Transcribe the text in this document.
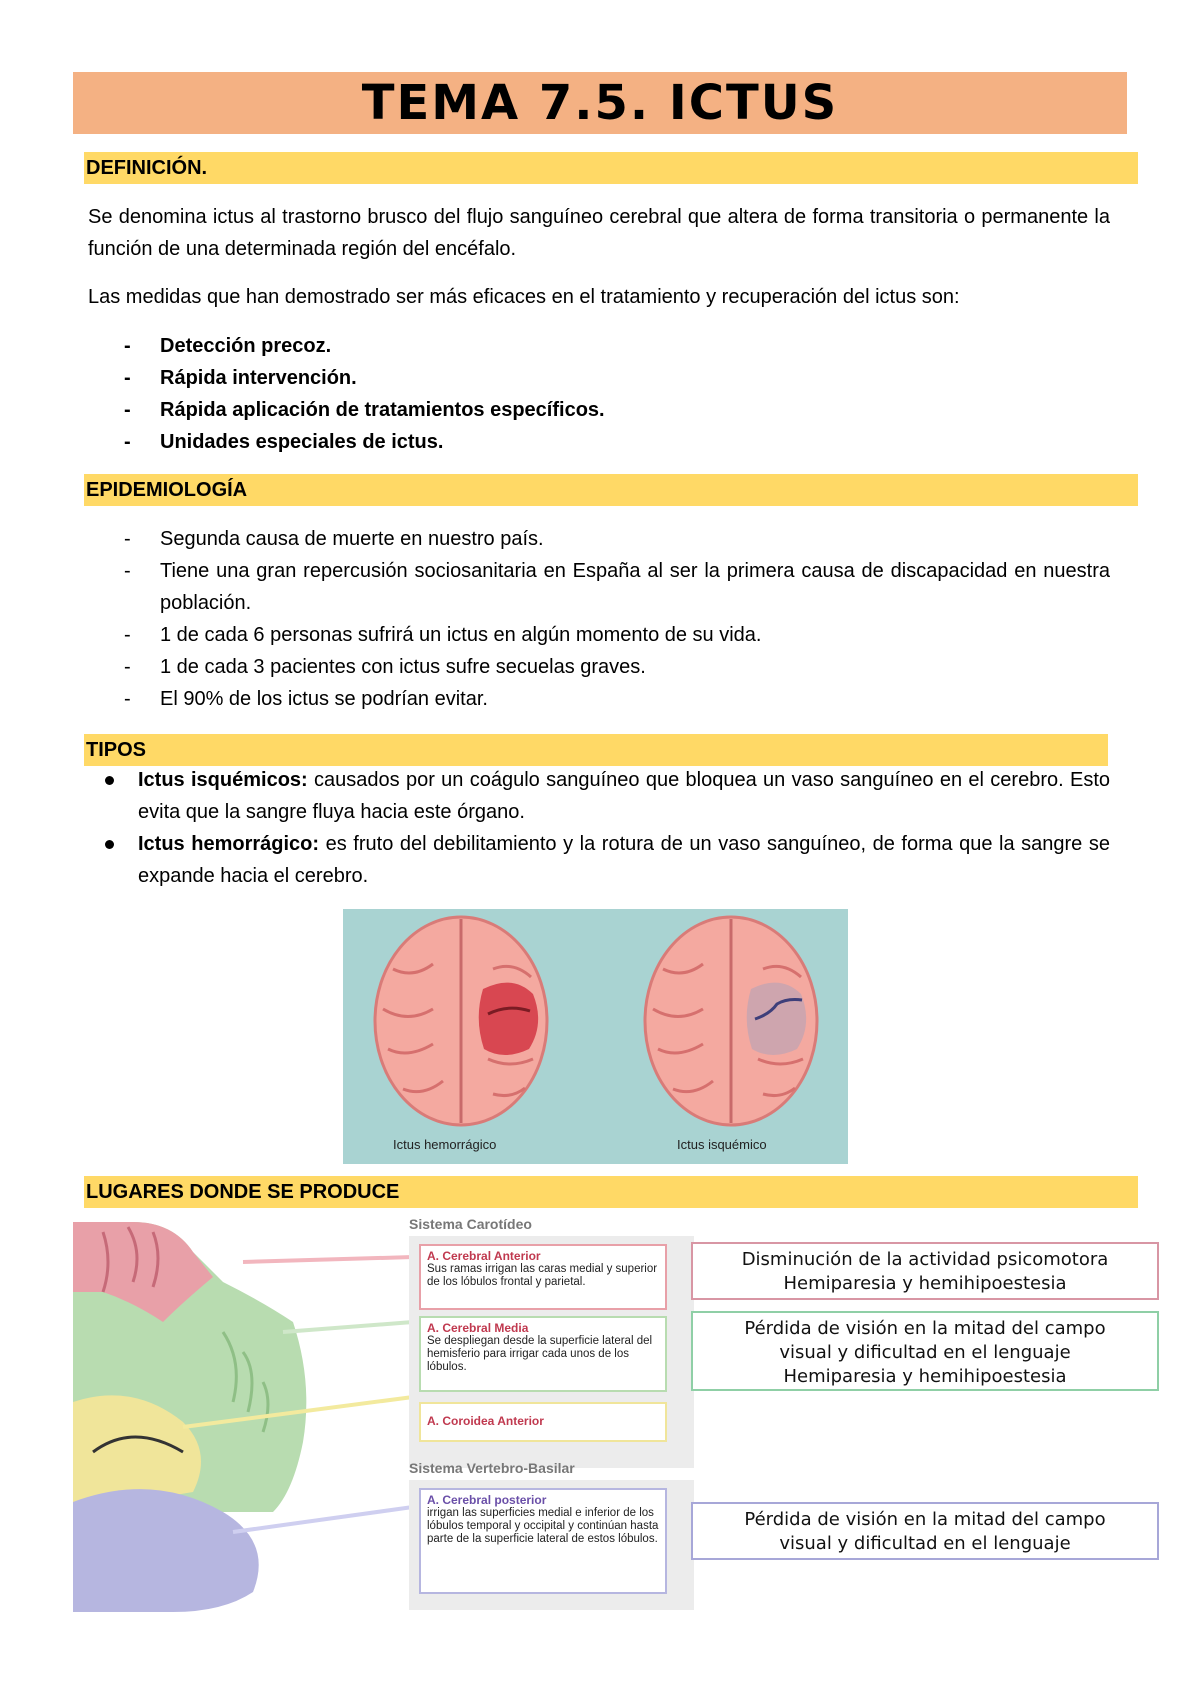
TEMA 7.5. ICTUS
DEFINICIÓN.

Se denomina ictus al trastorno brusco del flujo sanguíneo cerebral que altera de forma transitoria o permanente la función de una determinada región del encéfalo.

Las medidas que han demostrado ser más eficaces en el tratamiento y recuperación del ictus son:

- Detección precoz.
- Rápida intervención.
- Rápida aplicación de tratamientos específicos.
- Unidades especiales de ictus.
EPIDEMIOLOGÍA
- Segunda causa de muerte en nuestro país.
- Tiene una gran repercusión sociosanitaria en España al ser la primera causa de discapacidad en nuestra población.
- 1 de cada 6 personas sufrirá un ictus en algún momento de su vida.
- 1 de cada 3 pacientes con ictus sufre secuelas graves.
- El 90% de los ictus se podrían evitar.
TIPOS
Ictus isquémicos: causados por un coágulo sanguíneo que bloquea un vaso sanguíneo en el cerebro. Esto evita que la sangre fluya hacia este órgano.
Ictus hemorrágico: es fruto del debilitamiento y la rotura de un vaso sanguíneo, de forma que la sangre se expande hacia el cerebro.
Ictus hemorrágico	Ictus isquémico
LUGARES DONDE SE PRODUCE
Sistema Carotídeo
A. Cerebral Anterior
Sus ramas irrigan las caras medial y superior de los lóbulos frontal y parietal.
A. Cerebral Media
Se despliegan desde la superficie lateral del hemisferio para irrigar cada unos de los lóbulos.
A. Coroidea Anterior
Sistema Vertebro-Basilar
A. Cerebral posterior
irrigan las superficies medial e inferior de los lóbulos temporal y occipital y continúan hasta parte de la superficie lateral de estos lóbulos.
Disminución de la actividad psicomotora
Hemiparesia y hemihipoestesia
Pérdida de visión en la mitad del campo
visual y dificultad en el lenguaje
Hemiparesia y hemihipoestesia
Pérdida de visión en la mitad del campo
visual y dificultad en el lenguaje
